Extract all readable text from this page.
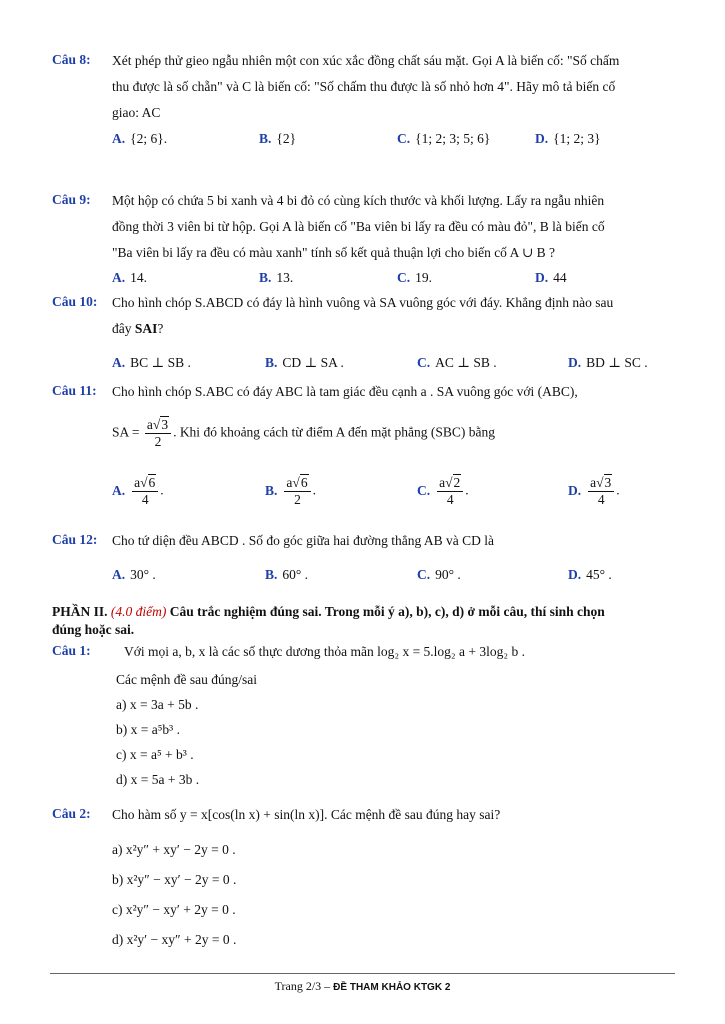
Câu 8: Xét phép thử gieo ngẫu nhiên một con xúc xắc đồng chất sáu mặt. Gọi A là biến cố: "Số chấm
thu được là số chẵn" và C là biến cố: "Số chấm thu được là số nhỏ hơn 4". Hãy mô tả biến cố
giao: AC
A. {2; 6}.	B. {2}	C. {1; 2; 3; 5; 6}	D. {1; 2; 3}
Câu 9: Một hộp có chứa 5 bi xanh và 4 bi đỏ có cùng kích thước và khối lượng. Lấy ra ngẫu nhiên
đồng thời 3 viên bi từ hộp. Gọi A là biến cố "Ba viên bi lấy ra đều có màu đỏ", B là biến cố
"Ba viên bi lấy ra đều có màu xanh" tính số kết quả thuận lợi cho biến cố A ∪ B ?
A. 14.	B. 13.	C. 19.	D. 44
Câu 10: Cho hình chóp S.ABCD có đáy là hình vuông và SA vuông góc với đáy. Khẳng định nào sau
đây SAI?
A. BC ⊥ SB .	B. CD ⊥ SA .	C. AC ⊥ SB .	D. BD ⊥ SC .
Câu 11: Cho hình chóp S.ABC có đáy ABC là tam giác đều cạnh a . SA vuông góc với (ABC),
SA = $\frac{a√3}{2}$ . Khi đó khoảng cách từ điểm A đến mặt phẳng (SBC) bằng
A. $\frac{a√6}{4}$ .	B. $\frac{a√6}{2}$ .	C. $\frac{a√2}{4}$ .	D. $\frac{a√3}{4}$ .
Câu 12: Cho tứ diện đều ABCD . Số đo góc giữa hai đường thẳng AB và CD là
A. 30° .	B. 60° .	C. 90° .	D. 45° .
PHẦN II. (4.0 điểm) Câu trắc nghiệm đúng sai. Trong mỗi ý a), b), c), d) ở mỗi câu, thí sinh chọn
đúng hoặc sai.
Câu 1: Với mọi a, b, x là các số thực dương thỏa mãn log₂ x = 5.log₂ a + 3log₂ b .
Các mệnh đề sau đúng/sai
a) x = 3a + 5b .
b) x = a⁵b³ .
c) x = a⁵ + b³ .
d) x = 5a + 3b .
Câu 2: Cho hàm số y = x[cos(ln x) + sin(ln x)]. Các mệnh đề sau đúng hay sai?
a) x²y″ + xy′ − 2y = 0 .
b) x²y″ − xy′ − 2y = 0 .
c) x²y″ − xy′ + 2y = 0 .
d) x²y′ − xy″ + 2y = 0 .
Trang 2/3 – ĐỀ THAM KHẢO KTGK 2
